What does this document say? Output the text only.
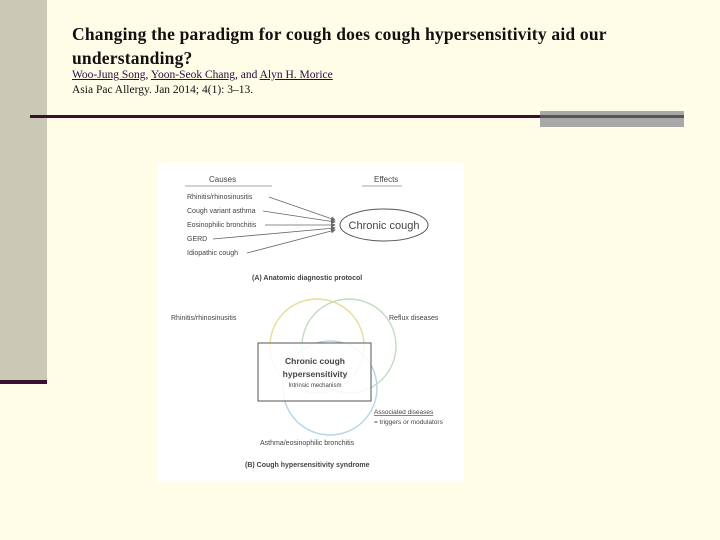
Changing the paradigm for cough does cough hypersensitivity aid our understanding?
Woo-Jung Song, Yoon-Seok Chang, and Alyn H. Morice
Asia Pac Allergy. Jan 2014; 4(1): 3–13.
Causes	Effects
Rhinitis/rhinosinusitis
Cough variant asthma
Eosinophilic bronchitis
GERD
Idiopathic cough
Chronic cough
(A) Anatomic diagnostic protocol
Rhinitis/rhinosinusitis	Reflux diseases
Chronic cough
hypersensitivity
Intrinsic mechanism
Associated diseases
= triggers or modulators
Asthma/eosinophilic bronchitis
(B) Cough hypersensitivity syndrome
